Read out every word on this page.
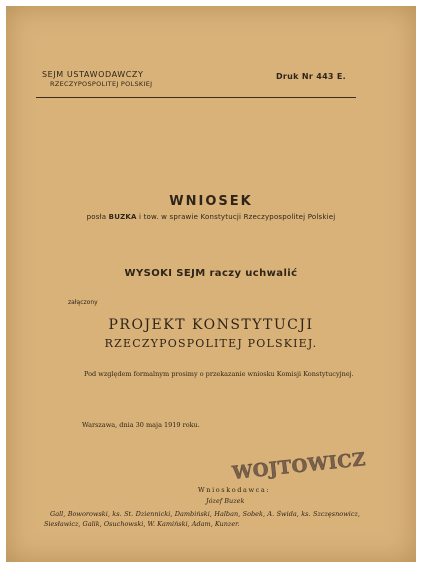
SEJM USTAWODAWCZY
RZECZYPOSPOLITEJ POLSKIEJ
Druk Nr 443 E.
WNIOSEK
posła BUZKA i tow. w sprawie Konstytucji Rzeczypospolitej Polskiej
WYSOKI SEJM raczy uchwalić
załączony
PROJEKT KONSTYTUCJI
RZECZYPOSPOLITEJ POLSKIEJ.
Pod względem formalnym prosimy o przekazanie wniosku Komisji Konstytucyjnej.
Warszawa, dnia 30 maja 1919 roku.
WOJTOWICZ
Wnioskodawca:
Józef Buzek
Gall, Boworowski, ks. St. Dziennicki, Dambiński, Halban, Sobek, A. Świda, ks. Szczęsnowicz, Siesławicz, Galik, Osuchowski, W. Kamiński, Adam, Kunzer.
